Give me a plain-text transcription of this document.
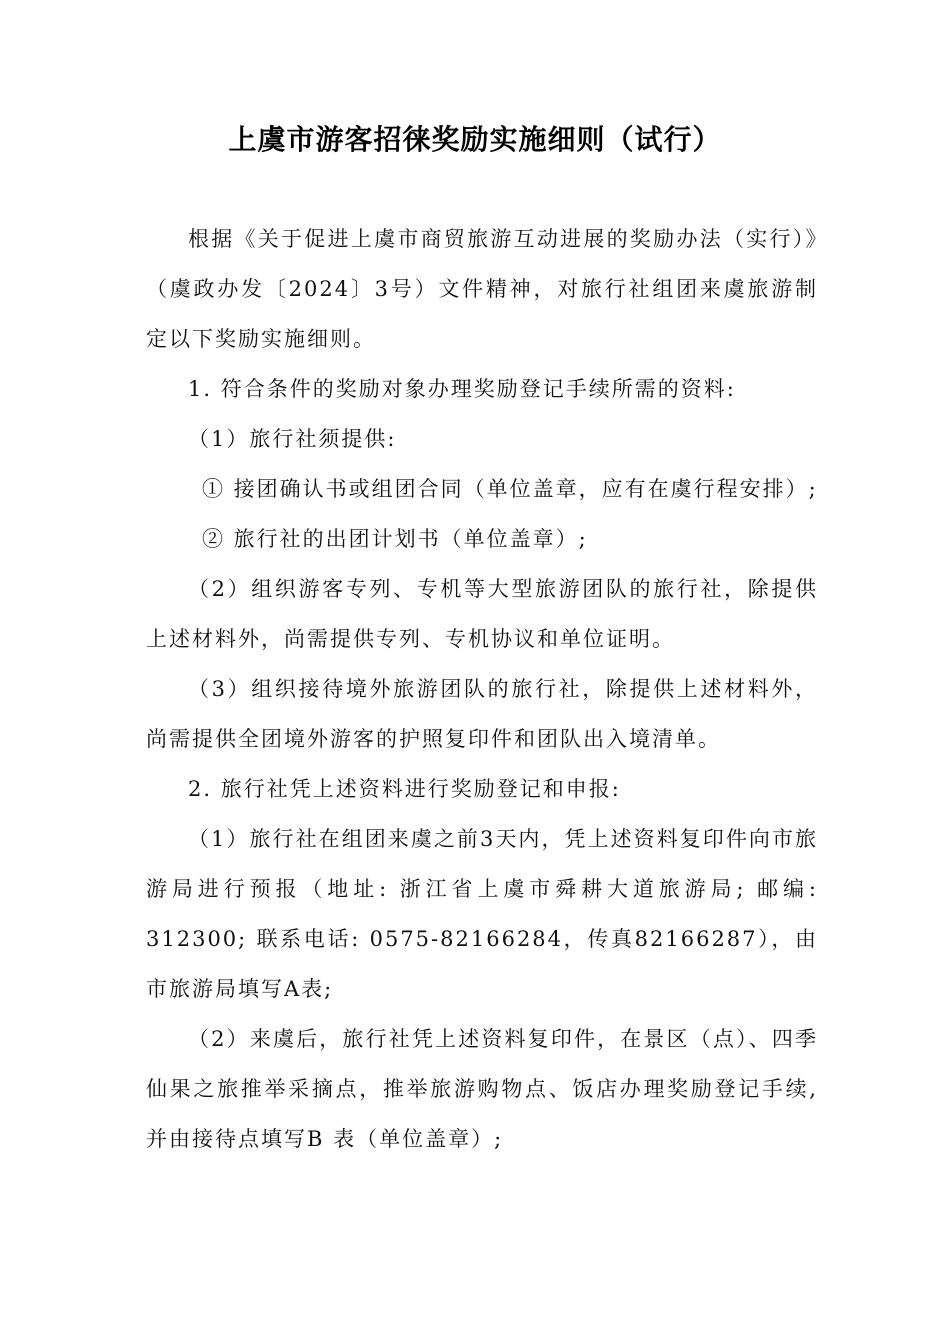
上虞市游客招徕奖励实施细则（试行）

根据《关于促进上虞市商贸旅游互动进展的奖励办法（实行）》（虞政办发〔2024〕3号）文件精神，对旅行社组团来虞旅游制定以下奖励实施细则。

1. 符合条件的奖励对象办理奖励登记手续所需的资料:

（1）旅行社须提供:

① 接团确认书或组团合同（单位盖章，应有在虞行程安排）;

② 旅行社的出团计划书（单位盖章）;

（2）组织游客专列、专机等大型旅游团队的旅行社，除提供上述材料外，尚需提供专列、专机协议和单位证明。

（3）组织接待境外旅游团队的旅行社，除提供上述材料外，尚需提供全团境外游客的护照复印件和团队出入境清单。

2. 旅行社凭上述资料进行奖励登记和申报:

（1）旅行社在组团来虞之前3天内，凭上述资料复印件向市旅游局进行预报（地址: 浙江省上虞市舜耕大道旅游局; 邮编: 312300; 联系电话: 0575-82166284，传真82166287），由市旅游局填写A表;

（2）来虞后，旅行社凭上述资料复印件，在景区（点）、四季仙果之旅推举采摘点，推举旅游购物点、饭店办理奖励登记手续,并由接待点填写B 表（单位盖章）;
